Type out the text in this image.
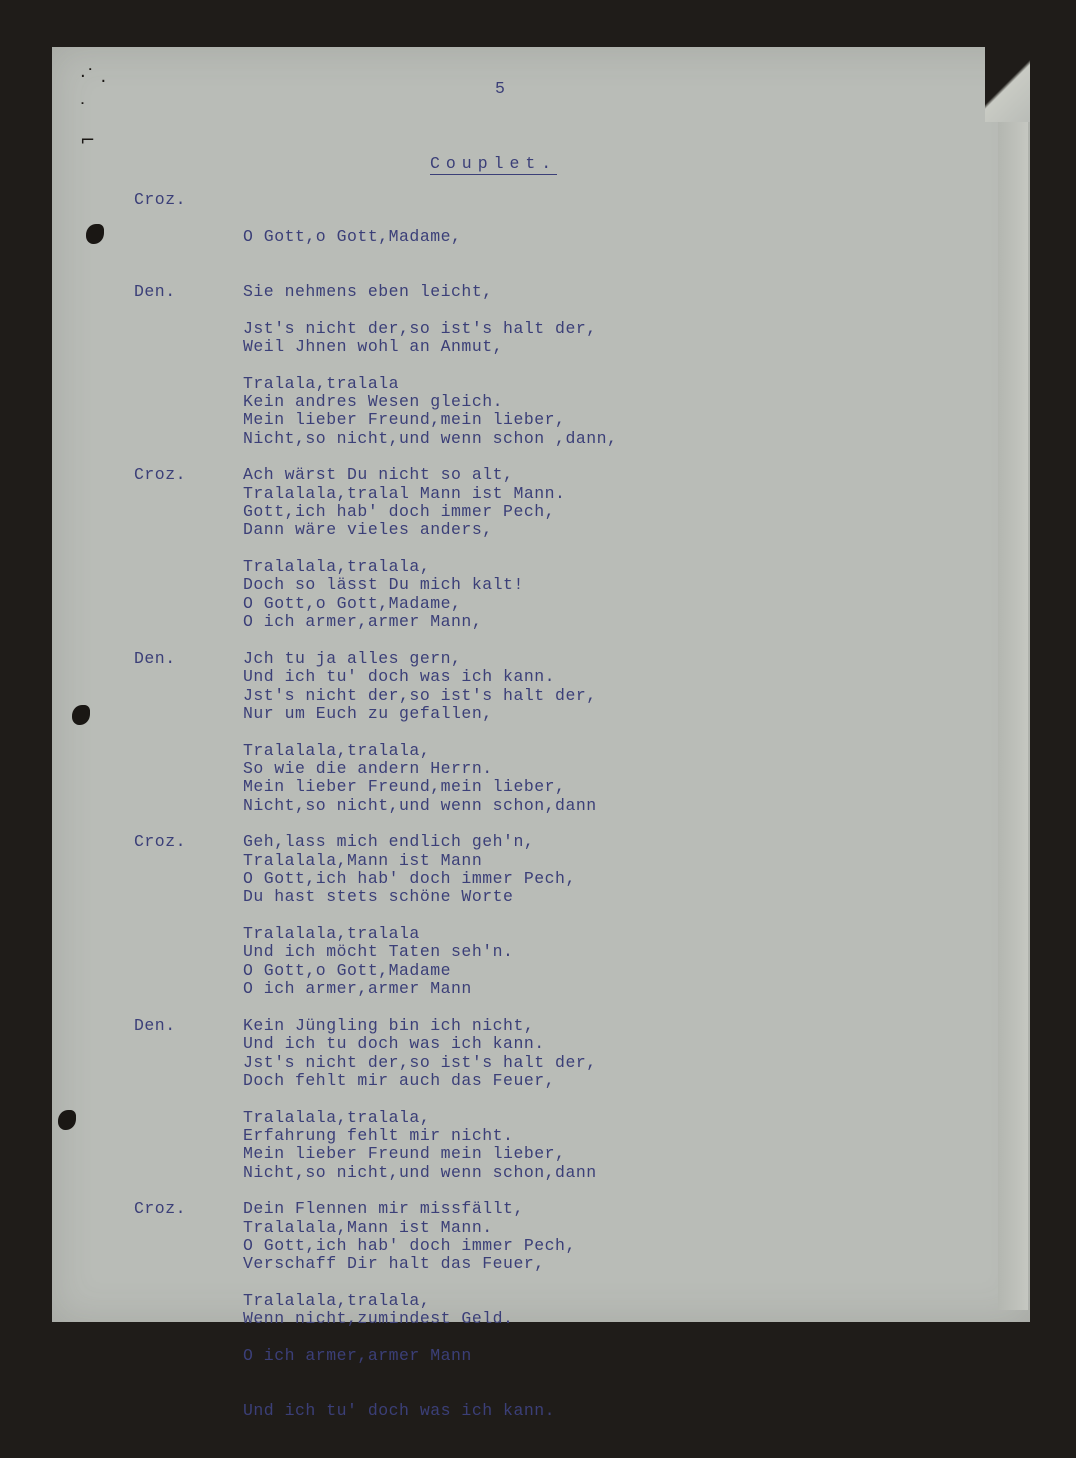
·˙ .
˙
⌐
5
Couplet.

Croz.

O Gott,o Gott,Madame,

Sie nehmens eben leicht,

Weil Jhnen wohl an Anmut,

Kein andres Wesen gleich.

Den.

Jst's nicht der,so ist's halt der,

Tralala,tralala

Nicht,so nicht,und wenn schon ,dann,

Tralalala,tralal Mann ist Mann.

Mein lieber Freund,mein lieber,

Ach wärst Du nicht so alt,

Dann wäre vieles anders,

Doch so lässt Du mich kalt!

Croz.

Gott,ich hab' doch immer Pech,

Tralalala,tralala,

O ich armer,armer Mann,

Und ich tu' doch was ich kann.

O Gott,o Gott,Madame,

Jch tu ja alles gern,

Nur um Euch zu gefallen,

So wie die andern Herrn.

Den.

Jst's nicht der,so ist's halt der,

Tralalala,tralala,

Nicht,so nicht,und wenn schon,dann

Tralalala,Mann ist Mann

Mein lieber Freund,mein lieber,

Geh,lass mich endlich geh'n,

Du hast stets schöne Worte

Und ich möcht Taten seh'n.

Croz.

O Gott,ich hab' doch immer Pech,

Tralalala,tralala

O ich armer,armer Mann

Und ich tu doch was ich kann.

O Gott,o Gott,Madame

Kein Jüngling bin ich nicht,

Doch fehlt mir auch das Feuer,

Erfahrung fehlt mir nicht.

Den.

Jst's nicht der,so ist's halt der,

Tralalala,tralala,

Nicht,so nicht,und wenn schon,dann

Tralalala,Mann ist Mann.

Mein lieber Freund mein lieber,

Dein Flennen mir missfällt,

Verschaff Dir halt das Feuer,

Wenn nicht,zumindest Geld.

Croz.

O Gott,ich hab' doch immer Pech,

Tralalala,tralala,

O ich armer,armer Mann

Und ich tu' doch was ich kann.
